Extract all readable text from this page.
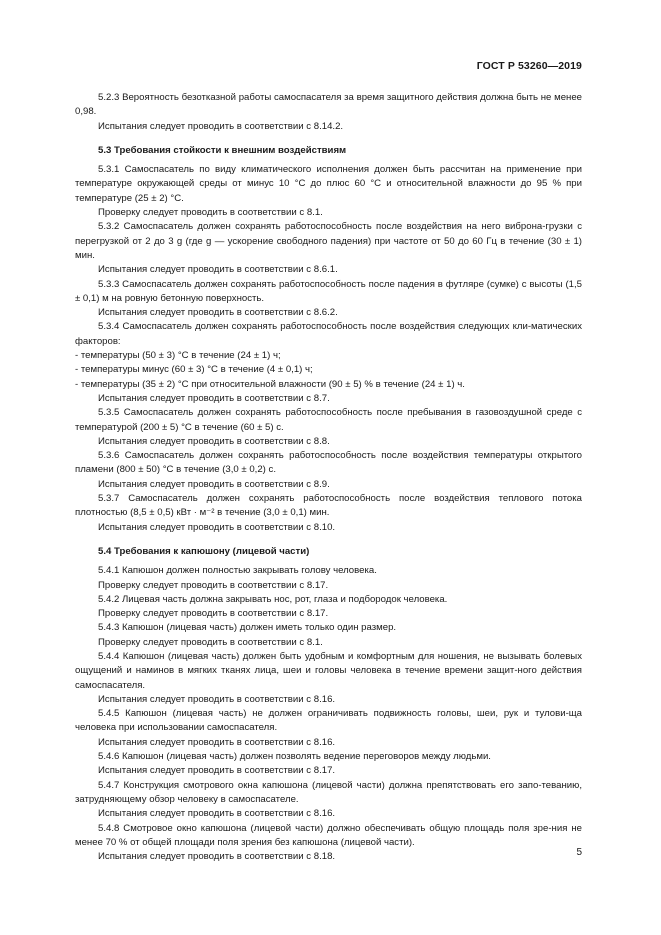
ГОСТ Р 53260—2019

5.2.3 Вероятность безотказной работы самоспасателя за время защитного действия должна быть не менее 0,98.

Испытания следует проводить в соответствии с 8.14.2.

5.3 Требования стойкости к внешним воздействиям

5.3.1 Самоспасатель по виду климатического исполнения должен быть рассчитан на применение при температуре окружающей среды от минус 10 °С до плюс 60 °С и относительной влажности до 95 % при температуре (25 ± 2) °С.

Проверку следует проводить в соответствии с 8.1.

5.3.2 Самоспасатель должен сохранять работоспособность после воздействия на него виброна-грузки с перегрузкой от 2 до 3 g (где g — ускорение свободного падения) при частоте от 50 до 60 Гц в течение (30 ± 1) мин.

Испытания следует проводить в соответствии с 8.6.1.

5.3.3 Самоспасатель должен сохранять работоспособность после падения в футляре (сумке) с высоты (1,5 ± 0,1) м на ровную бетонную поверхность.

Испытания следует проводить в соответствии с 8.6.2.

5.3.4 Самоспасатель должен сохранять работоспособность после воздействия следующих кли-матических факторов:

- температуры (50 ± 3) °С в течение (24 ± 1) ч;

- температуры минус (60 ± 3) °С в течение (4 ± 0,1) ч;

- температуры (35 ± 2) °С при относительной влажности (90 ± 5) % в течение (24 ± 1) ч.

Испытания следует проводить в соответствии с 8.7.

5.3.5 Самоспасатель должен сохранять работоспособность после пребывания в газовоздушной среде с температурой (200 ± 5) °С в течение (60 ± 5) с.

Испытания следует проводить в соответствии с 8.8.

5.3.6 Самоспасатель должен сохранять работоспособность после воздействия температуры открытого пламени (800 ± 50) °С в течение (3,0 ± 0,2) с.

Испытания следует проводить в соответствии с 8.9.

5.3.7 Самоспасатель должен сохранять работоспособность после воздействия теплового потока плотностью (8,5 ± 0,5) кВт · м⁻² в течение (3,0 ± 0,1) мин.

Испытания следует проводить в соответствии с 8.10.

5.4 Требования к капюшону (лицевой части)

5.4.1 Капюшон должен полностью закрывать голову человека.

Проверку следует проводить в соответствии с 8.17.

5.4.2 Лицевая часть должна закрывать нос, рот, глаза и подбородок человека.

Проверку следует проводить в соответствии с 8.17.

5.4.3 Капюшон (лицевая часть) должен иметь только один размер.

Проверку следует проводить в соответствии с 8.1.

5.4.4 Капюшон (лицевая часть) должен быть удобным и комфортным для ношения, не вызывать болевых ощущений и наминов в мягких тканях лица, шеи и головы человека в течение времени защит-ного действия самоспасателя.

Испытания следует проводить в соответствии с 8.16.

5.4.5 Капюшон (лицевая часть) не должен ограничивать подвижность головы, шеи, рук и тулови-ща человека при использовании самоспасателя.

Испытания следует проводить в соответствии с 8.16.

5.4.6 Капюшон (лицевая часть) должен позволять ведение переговоров между людьми.

Испытания следует проводить в соответствии с 8.17.

5.4.7 Конструкция смотрового окна капюшона (лицевой части) должна препятствовать его запо-теванию, затрудняющему обзор человеку в самоспасателе.

Испытания следует проводить в соответствии с 8.16.

5.4.8 Смотровое окно капюшона (лицевой части) должно обеспечивать общую площадь поля зре-ния не менее 70 % от общей площади поля зрения без капюшона (лицевой части).

Испытания следует проводить в соответствии с 8.18.	5
